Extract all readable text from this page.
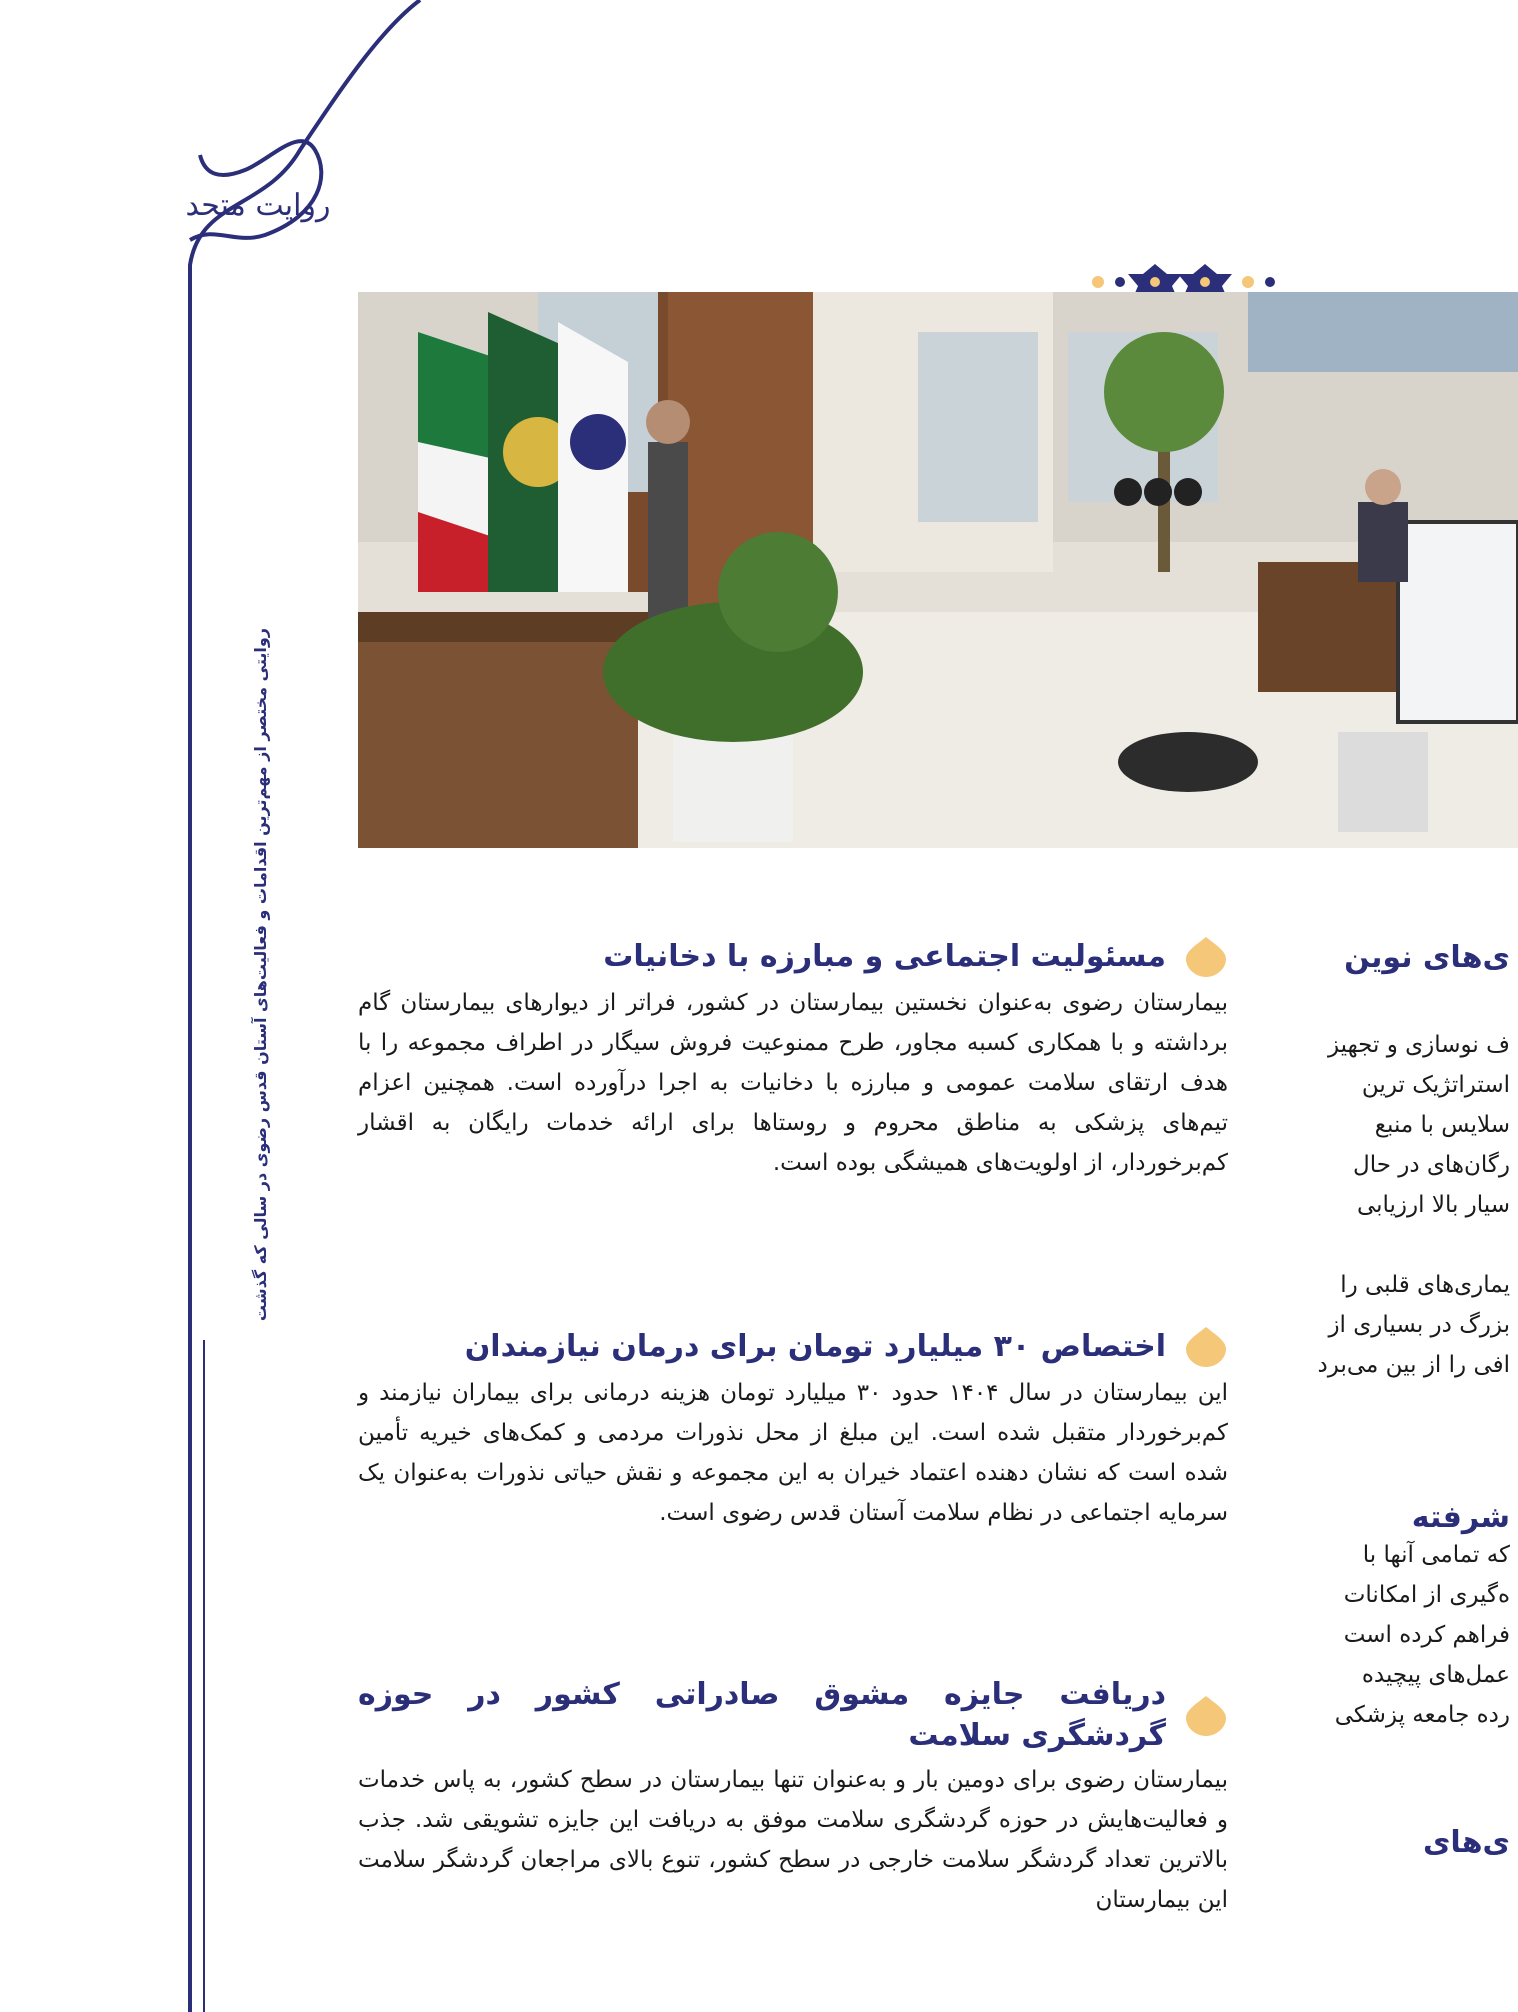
روایت متحد
روایتی مختصر از مهم‌ترین اقدامات و فعالیت‌های آستان قدس رضوی در سالی که گذشت	مسئولیت اجتماعی و مبارزه با دخانیات

بیمارستان رضوی به‌عنوان نخستین بیمارستان در کشور، فراتر از دیوارهای بیمارستان گام برداشته و با همکاری کسبه مجاور، طرح ممنوعیت فروش سیگار در اطراف مجموعه را با هدف ارتقای سلامت عمومی و مبارزه با دخانیات به اجرا درآورده است. همچنین اعزام تیم‌های پزشکی به مناطق محروم و روستاها برای ارائه خدمات رایگان به اقشار کم‌برخوردار، از اولویت‌های همیشگی بوده است.

اختصاص ۳۰ میلیارد تومان برای درمان نیازمندان

این بیمارستان در سال ۱۴۰۴ حدود ۳۰ میلیارد تومان هزینه درمانی برای بیماران نیازمند و کم‌برخوردار متقبل شده است. این مبلغ از محل نذورات مردمی و کمک‌های خیریه تأمین شده است که نشان دهنده اعتماد خیران به این مجموعه و نقش حیاتی نذورات به‌عنوان یک سرمایه اجتماعی در نظام سلامت آستان قدس رضوی است.

دریافت جایزه مشوق صادراتی کشور در حوزه گردشگری سلامت

بیمارستان رضوی برای دومین بار و به‌عنوان تنها بیمارستان در سطح کشور، به پاس خدمات و فعالیت‌هایش در حوزه گردشگری سلامت موفق به دریافت این جایزه تشویقی شد. جذب بالاترین تعداد گردشگر سلامت خارجی در سطح کشور، تنوع بالای مراجعان گردشگر سلامت این بیمارستان

ی‌های نوین
ف نوسازی و تجهیز
استراتژیک ترین
سلایس با منبع
رگان‌های در حال
سیار بالا ارزیابی
یماری‌های قلبی را
بزرگ در بسیاری از
افی را از بین می‌برد
شرفته
که تمامی آنها با
ه‌گیری از امکانات
فراهم کرده است
عمل‌های پیچیده
رده جامعه پزشکی
ی‌های
